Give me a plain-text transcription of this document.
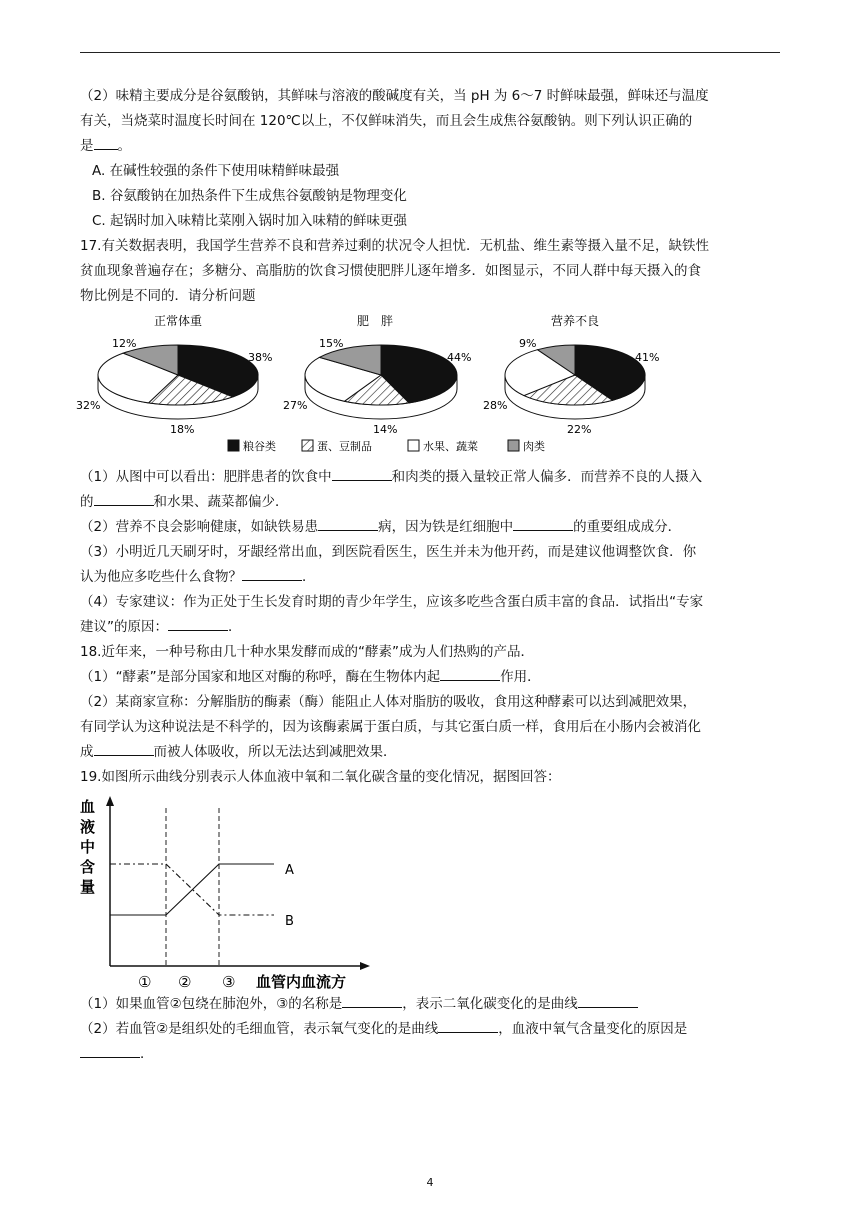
（2）味精主要成分是谷氨酸钠，其鲜味与溶液的酸碱度有关，当 pH 为 6～7 时鲜味最强，鲜味还与温度

有关，当烧菜时温度长时间在 120℃以上，不仅鲜味消失，而且会生成焦谷氨酸钠。则下列认识正确的

是 。

A. 在碱性较强的条件下使用味精鲜味最强

B. 谷氨酸钠在加热条件下生成焦谷氨酸钠是物理变化

C. 起锅时加入味精比菜刚入锅时加入味精的鲜味更强

17.有关数据表明，我国学生营养不良和营养过剩的状况令人担忧．无机盐、维生素等摄入量不足，缺铁性

贫血现象普遍存在；多糖分、高脂肪的饮食习惯使肥胖儿逐年增多．如图显示，不同人群中每天摄入的食

物比例是不同的．请分析问题

正常体重
38%
18%
32%
12%
肥　胖
44%
14%
27%
15%
营养不良
41%
22%
28%
9%
粮谷类	蛋、豆制品	水果、蔬菜	肉类

（1）从图中可以看出：肥胖患者的饮食中	和肉类的摄入量较正常人偏多．而营养不良的人摄入

的	和水果、蔬菜都偏少．

（2）营养不良会影响健康，如缺铁易患	病，因为铁是红细胞中	的重要组成成分．

（3）小明近几天刷牙时，牙龈经常出血，到医院看医生，医生并未为他开药，而是建议他调整饮食．你

认为他应多吃些什么食物？	．

（4）专家建议：作为正处于生长发育时期的青少年学生，应该多吃些含蛋白质丰富的食品．试指出“专家

建议”的原因：	．

18.近年来，一种号称由几十种水果发酵而成的“酵素”成为人们热购的产品．

（1）“酵素”是部分国家和地区对酶的称呼，酶在生物体内起	作用．

（2）某商家宣称：分解脂肪的酶素（酶）能阻止人体对脂肪的吸收，食用这种酵素可以达到减肥效果，

有同学认为这种说法是不科学的，因为该酶素属于蛋白质，与其它蛋白质一样，食用后在小肠内会被消化

成	而被人体吸收，所以无法达到减肥效果．

19.如图所示曲线分别表示人体血液中氧和二氧化碳含量的变化情况，据图回答：

血
液
中
含
量
A
B
① ② ③ 血管内血流方

（1）如果血管②包绕在肺泡外，③的名称是	，表示二氧化碳变化的是曲线

（2）若血管②是组织处的毛细血管，表示氧气变化的是曲线	，血液中氧气含量变化的原因是

．

4
